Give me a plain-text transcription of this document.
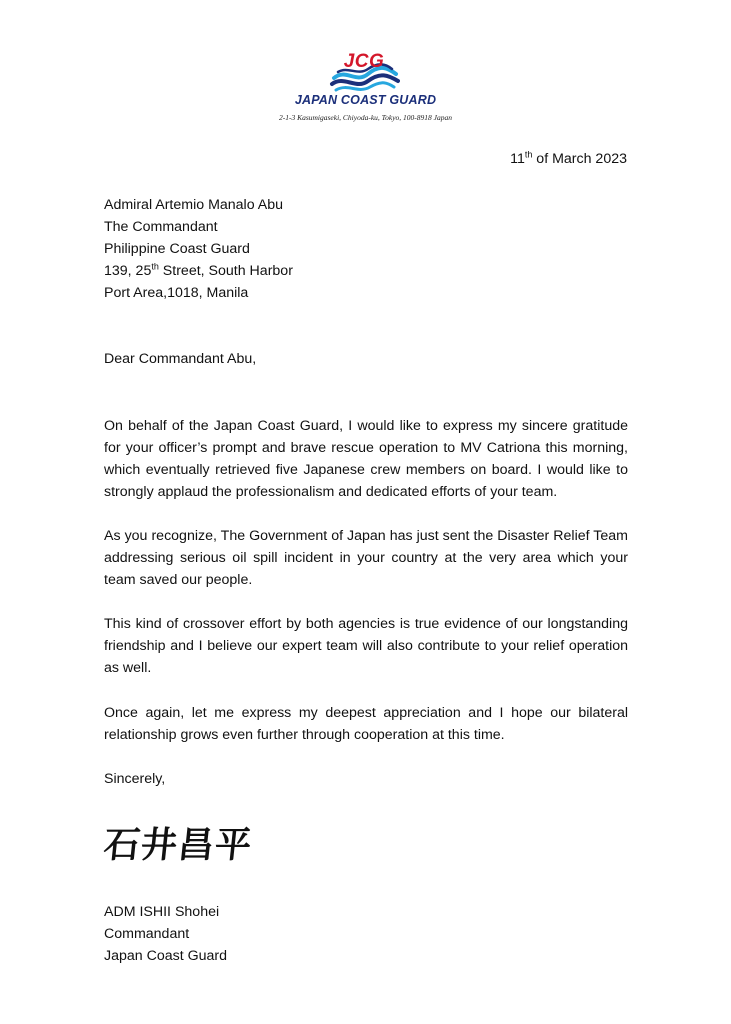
JCG
JAPAN COAST GUARD
2-1-3 Kasumigaseki, Chiyoda-ku, Tokyo, 100-8918 Japan
11th of March 2023
Admiral Artemio Manalo Abu
The Commandant
Philippine Coast Guard
139, 25th Street, South Harbor
Port Area,1018, Manila
Dear Commandant Abu,
On behalf of the Japan Coast Guard, I would like to express my sincere gratitude for your officer’s prompt and brave rescue operation to MV Catriona this morning, which eventually retrieved five Japanese crew members on board. I would like to strongly applaud the professionalism and dedicated efforts of your team.
As you recognize, The Government of Japan has just sent the Disaster Relief Team addressing serious oil spill incident in your country at the very area which your team saved our people.
This kind of crossover effort by both agencies is true evidence of our longstanding friendship and I believe our expert team will also contribute to your relief operation as well.
Once again, let me express my deepest appreciation and I hope our bilateral relationship grows even further through cooperation at this time.
Sincerely,
石井昌平
ADM ISHII Shohei
Commandant
Japan Coast Guard
